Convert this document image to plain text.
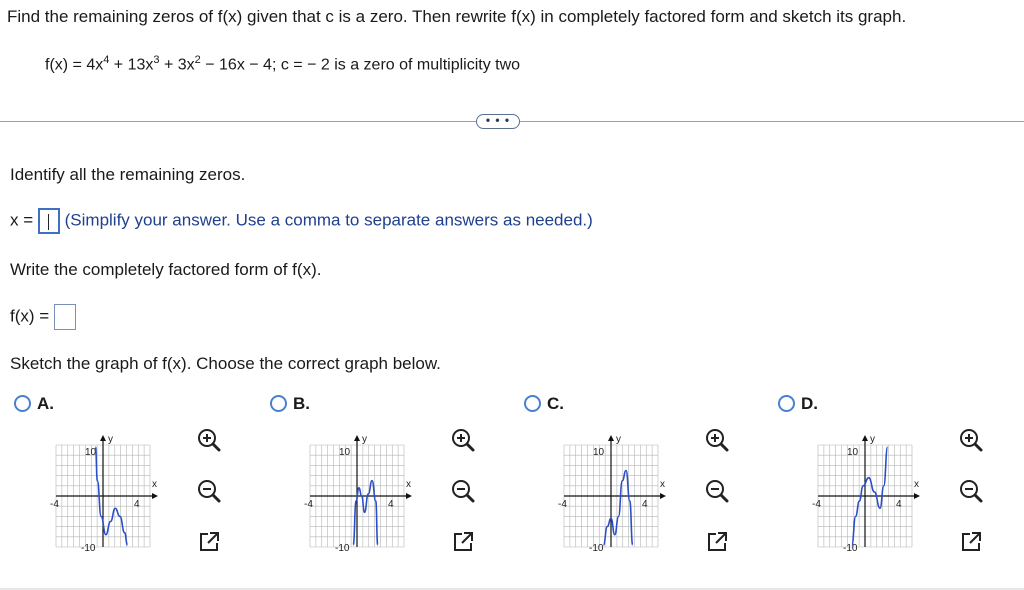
Find the remaining zeros of f(x) given that c is a zero. Then rewrite f(x) in completely factored form and sketch its graph.
$f(x) = 4x^4 + 13x^3 + 3x^2 - 16x - 4$; c = − 2 is a zero of multiplicity two
• • •
Identify all the remaining zeros.
x = (Simplify your answer. Use a comma to separate answers as needed.)
Write the completely factored form of f(x).
f(x) =
Sketch the graph of f(x). Choose the correct graph below.
A.
y
x
10
-10
-4	4

B.
y
x
10
-10
-4	4

C.
y
x
10
-10
-4	4

D.
y
x
10
-10
-4	4
